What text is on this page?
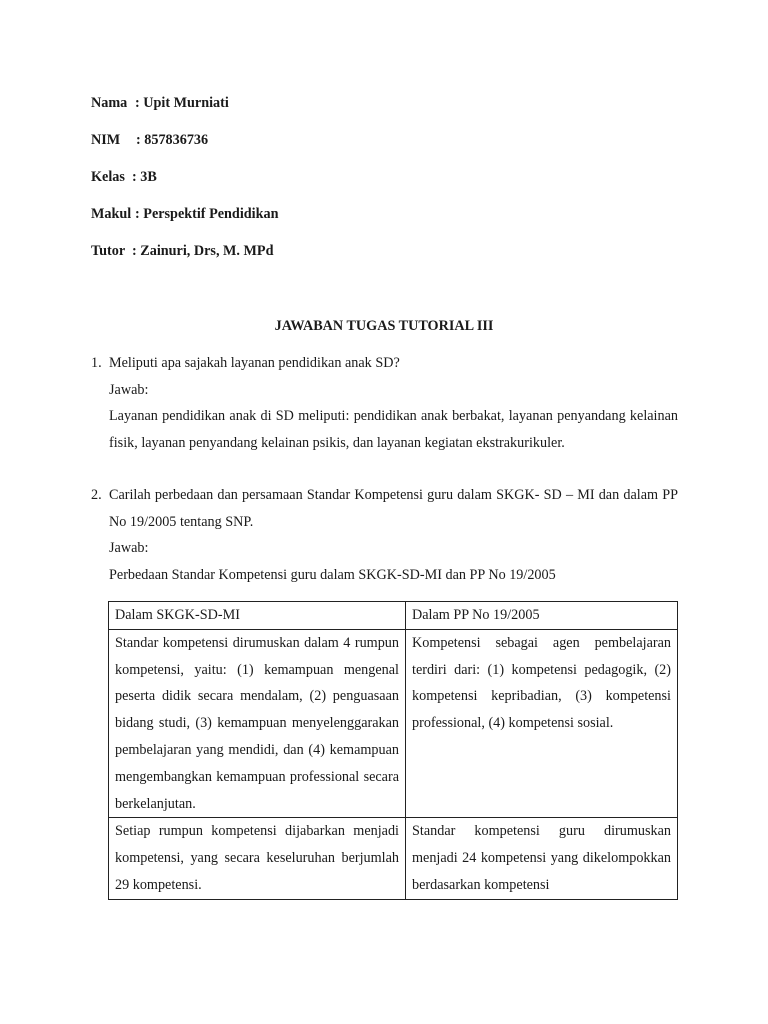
Nama : Upit Murniati
NIM : 857836736
Kelas : 3B
Makul : Perspektif Pendidikan
Tutor : Zainuri, Drs, M. MPd
JAWABAN TUGAS TUTORIAL III
1. Meliputi apa sajakah layanan pendidikan anak SD?
Jawab:
Layanan pendidikan anak di SD meliputi: pendidikan anak berbakat, layanan penyandang kelainan fisik, layanan penyandang kelainan psikis, dan layanan kegiatan ekstrakurikuler.
2. Carilah perbedaan dan persamaan Standar Kompetensi guru dalam SKGK- SD – MI dan dalam PP No 19/2005 tentang SNP.
Jawab:
Perbedaan Standar Kompetensi guru dalam SKGK-SD-MI dan PP No 19/2005
Dalam SKGK-SD-MI	Dalam PP No 19/2005
Standar kompetensi dirumuskan dalam 4 rumpun kompetensi, yaitu: (1) kemampuan mengenal peserta didik secara mendalam, (2) penguasaan bidang studi, (3) kemampuan menyelenggarakan pembelajaran yang mendidi, dan (4) kemampuan mengembangkan kemampuan professional secara berkelanjutan.	Kompetensi sebagai agen pembelajaran terdiri dari: (1) kompetensi pedagogik, (2) kompetensi kepribadian, (3) kompetensi professional, (4) kompetensi sosial.
Setiap rumpun kompetensi dijabarkan menjadi kompetensi, yang secara keseluruhan berjumlah 29 kompetensi.	Standar kompetensi guru dirumuskan menjadi 24 kompetensi yang dikelompokkan berdasarkan kompetensi
